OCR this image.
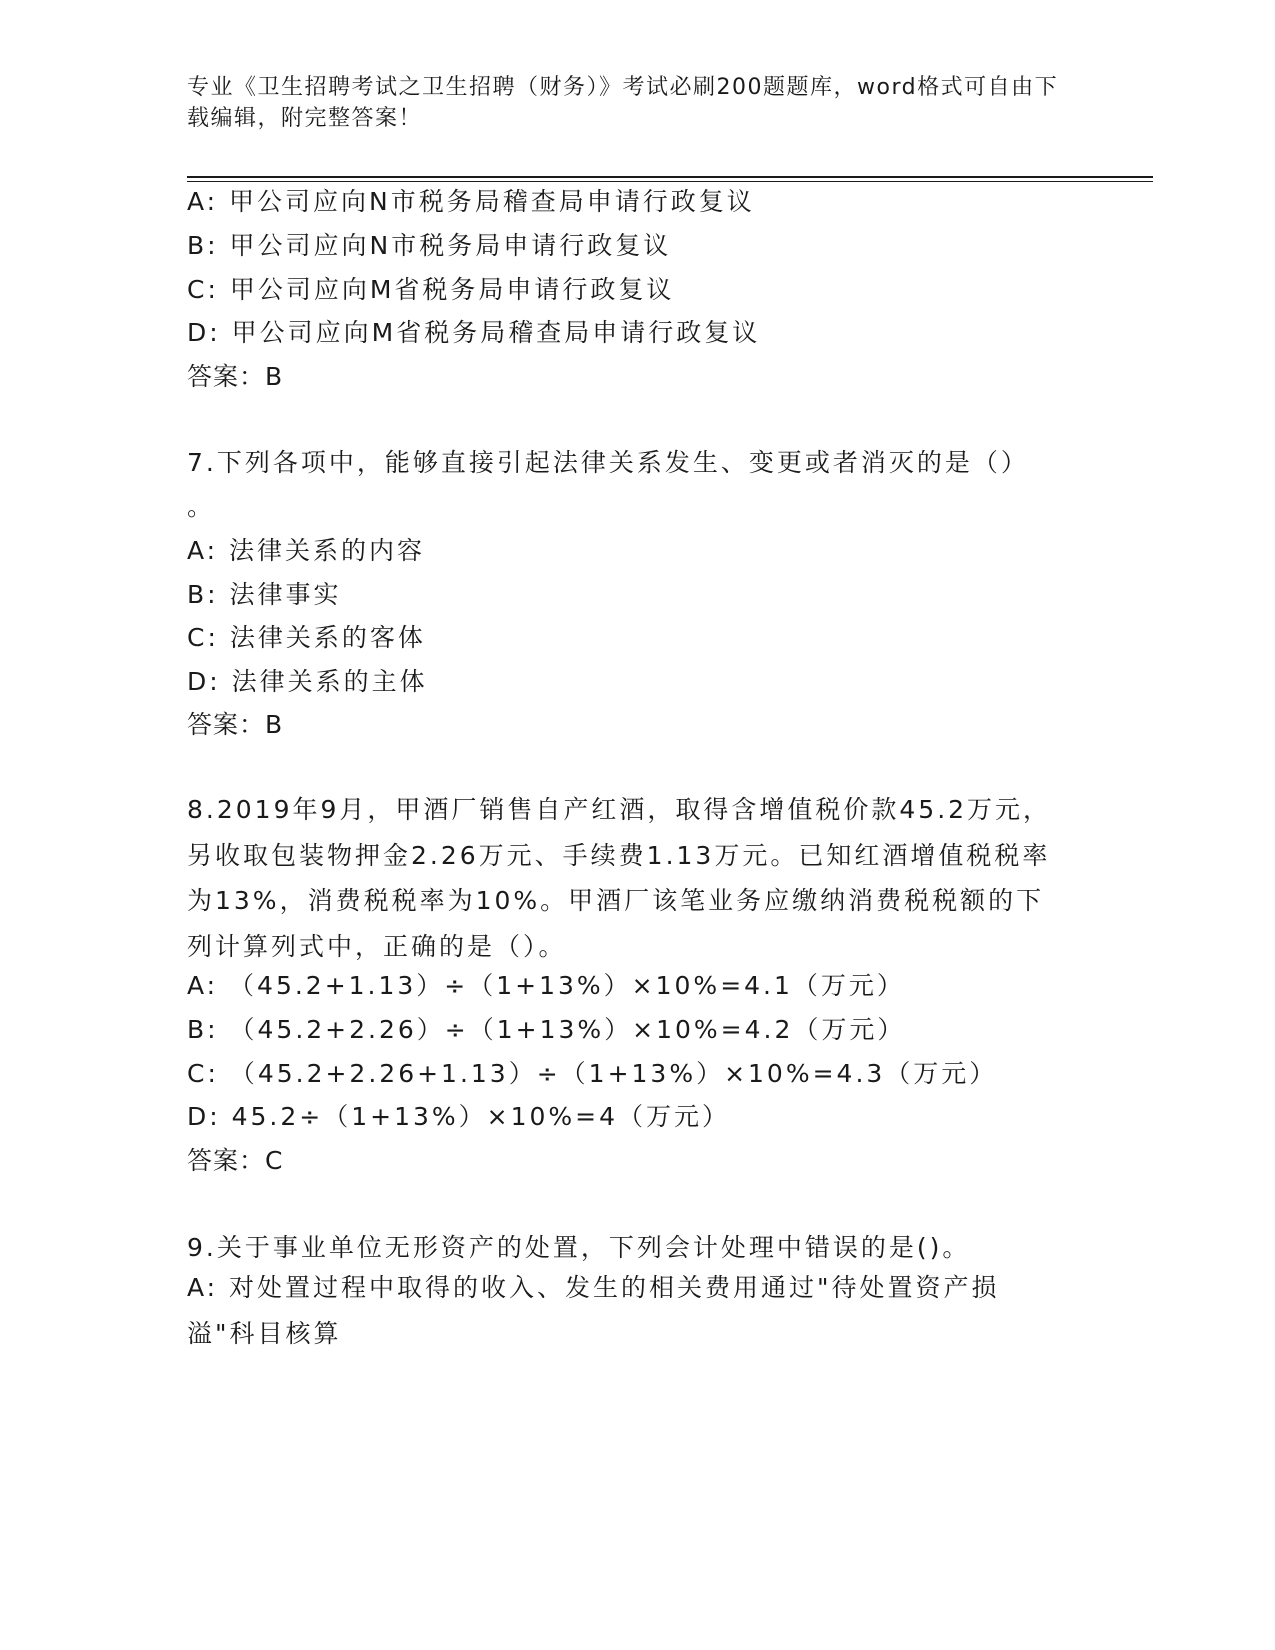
专业《卫生招聘考试之卫生招聘（财务）》考试必刷200题题库，word格式可自由下载编辑，附完整答案！
A: 甲公司应向N市税务局稽查局申请行政复议
B: 甲公司应向N市税务局申请行政复议
C: 甲公司应向M省税务局申请行政复议
D: 甲公司应向M省税务局稽查局申请行政复议
答案：B
7.下列各项中，能够直接引起法律关系发生、变更或者消灭的是（）
。
A: 法律关系的内容
B: 法律事实
C: 法律关系的客体
D: 法律关系的主体
答案：B
8.2019年9月，甲酒厂销售自产红酒，取得含增值税价款45.2万元，另收取包装物押金2.26万元、手续费1.13万元。已知红酒增值税税率为13%，消费税税率为10%。甲酒厂该笔业务应缴纳消费税税额的下列计算列式中，正确的是（）。
A: （45.2+1.13）÷（1+13%）×10%=4.1（万元）
B: （45.2+2.26）÷（1+13%）×10%=4.2（万元）
C: （45.2+2.26+1.13）÷（1+13%）×10%=4.3（万元）
D: 45.2÷（1+13%）×10%=4（万元）
答案：C
9.关于事业单位无形资产的处置，下列会计处理中错误的是()。
A: 对处置过程中取得的收入、发生的相关费用通过"待处置资产损溢"科目核算
